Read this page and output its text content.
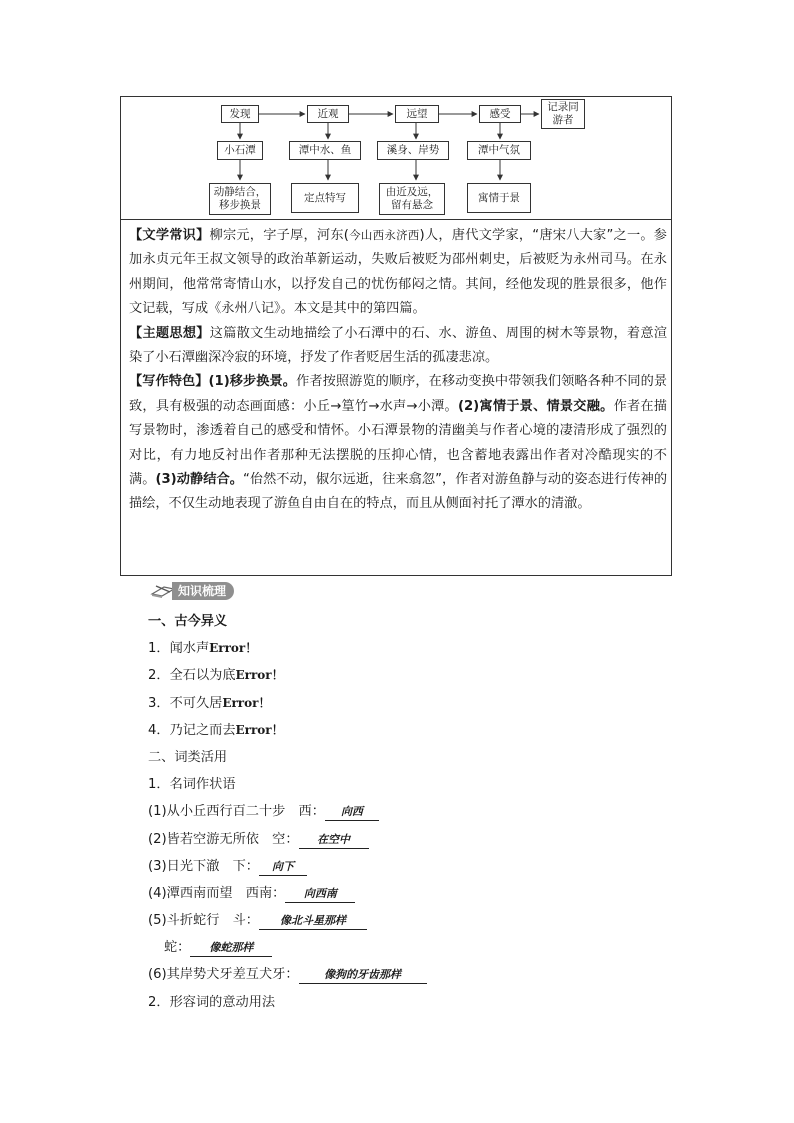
发现	近观	远望	感受
记录同
游者
小石潭	潭中水、鱼	溪身、岸势	潭中气氛
动静结合，
移步换景
定点特写	由近及远，
留有悬念
寓情于景

【文学常识】柳宗元，字子厚，河东(今山西永济西)人，唐代文学家，“唐宋八大家”之一。参加永贞元年王叔文领导的政治革新运动，失败后被贬为邵州刺史，后被贬为永州司马。在永州期间，他常常寄情山水，以抒发自己的忧伤郁闷之情。其间，经他发现的胜景很多，他作文记载，写成《永州八记》。本文是其中的第四篇。

【主题思想】这篇散文生动地描绘了小石潭中的石、水、游鱼、周围的树木等景物，着意渲染了小石潭幽深冷寂的环境，抒发了作者贬居生活的孤凄悲凉。

【写作特色】(1)移步换景。作者按照游览的顺序，在移动变换中带领我们领略各种不同的景致，具有极强的动态画面感：小丘→篁竹→水声→小潭。(2)寓情于景、情景交融。作者在描写景物时，渗透着自己的感受和情怀。小石潭景物的清幽美与作者心境的凄清形成了强烈的对比，有力地反衬出作者那种无法摆脱的压抑心情，也含蓄地表露出作者对冷酷现实的不满。(3)动静结合。“佁然不动，俶尔远逝，往来翕忽”，作者对游鱼静与动的姿态进行传神的描绘，不仅生动地表现了游鱼自由自在的特点，而且从侧面衬托了潭水的清澈。

知识梳理
一、古今异义
1．闻水声Error！
2．全石以为底Error！
3．不可久居Error！
4．乃记之而去Error！
二、词类活用
1．名词作状语
(1)从小丘西行百二十步　西： 向西
(2)皆若空游无所依　空： 在空中
(3)日光下澈　下： 向下
(4)潭西南而望　西南： 向西南
(5)斗折蛇行　斗： 像北斗星那样
蛇： 像蛇那样
(6)其岸势犬牙差互犬牙： 像狗的牙齿那样
2．形容词的意动用法
